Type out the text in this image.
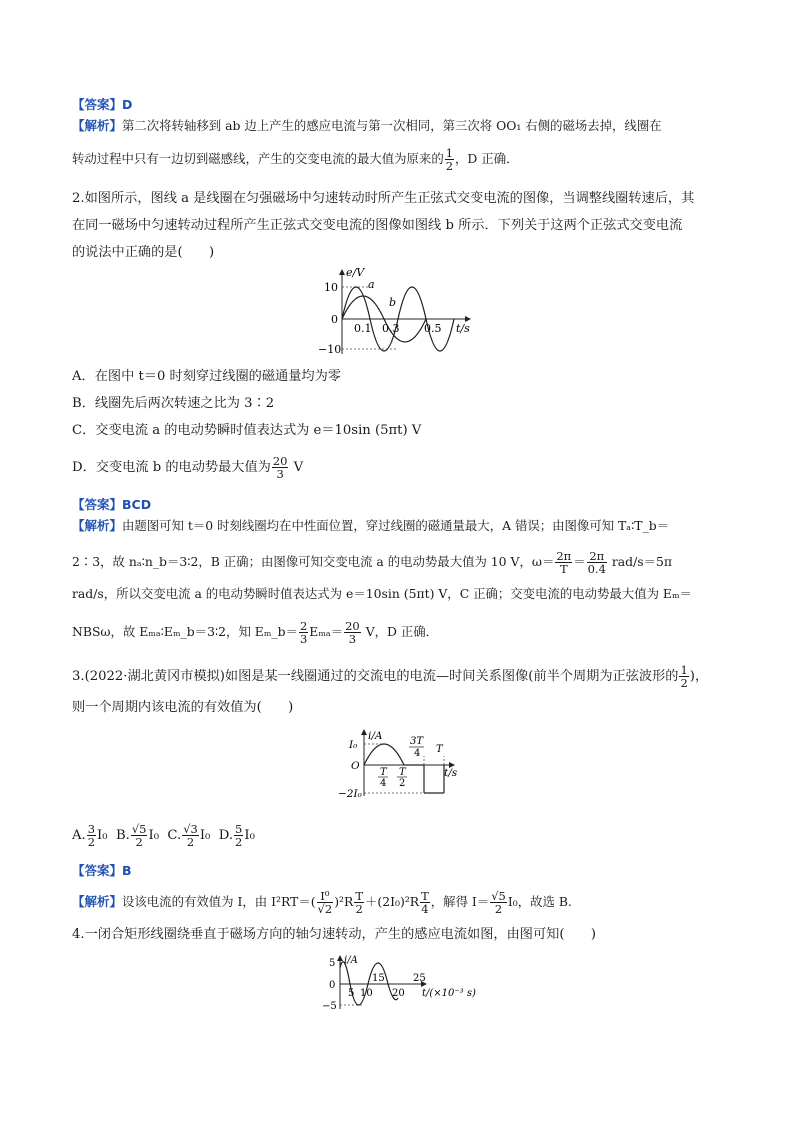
【答案】D
【解析】第二次将转轴移到 ab 边上产生的感应电流与第一次相同，第三次将 OO₁ 右侧的磁场去掉，线圈在
转动过程中只有一边切到磁感线，产生的交变电流的最大值为原来的 $\frac{1}{2}$ ，D 正确．
2.如图所示，图线 a 是线圈在匀强磁场中匀速转动时所产生正弦式交变电流的图像，当调整线圈转速后，其
在同一磁场中匀速转动过程所产生正弦式交变电流的图像如图线 b 所示．下列关于这两个正弦式交变电流
的说法中正确的是(　　)
e/V
10
0
−10
0.1 0.3 0.5 t/s
a
b
A．在图中 t＝0 时刻穿过线圈的磁通量均为零
B．线圈先后两次转速之比为 3∶2
C．交变电流 a 的电动势瞬时值表达式为 e＝10sin (5πt) V
D．交变电流 b 的电动势最大值为 $\frac{20}{3}$ V
【答案】BCD
【解析】由题图可知 t＝0 时刻线圈均在中性面位置，穿过线圈的磁通量最大，A 错误；由图像可知 Tₐ∶T_b＝
2∶3，故 nₐ∶n_b＝3∶2，B 正确；由图像可知交变电流 a 的电动势最大值为 10 V，$\omega= \frac{2\pi}{T} = \frac{2\pi}{0.4} rad/s=5\pi$
rad/s，所以交变电流 a 的电动势瞬时值表达式为 e＝10sin (5πt) V，C 正确；交变电流的电动势最大值为 Eₘ＝
NBSω，故 Eₘₐ∶Eₘ_b＝3∶2，知 Eₘ_b＝ $\frac{2}{3} E_{ma}= \frac{20}{3}$ V，D 正确．
3.(2022·湖北黄冈市模拟)如图是某一线圈通过的交流电的电流—时间关系图像(前半个周期为正弦波形的 $\frac{1}{2}$ )，
则一个周期内该电流的有效值为(　　)
i/A
I₀
O
−2I₀
3T
4 T
T
4
T
2
t/s
A. $\frac{3}{2} I_0$ B. $\frac{√5}{2} I_0$ C. $\frac{√3}{2} I_0$ D. $\frac{5}{2} I_0$
【答案】B
【解析】设该电流的有效值为 I，由 $I^2RT=( \frac{\text{I⁰}}{√2} )^2R \frac{T}{2} +(2I_0)^2R \frac{T}{4}$ ，解得 $I= \frac{√5}{2} I_0$，故选 B.
4.一闭合矩形线圈绕垂直于磁场方向的轴匀速转动，产生的感应电流如图，由图可知(　　)
i/A
5
0
−5
5 10
15
20
25
t/(×10⁻³ s)
